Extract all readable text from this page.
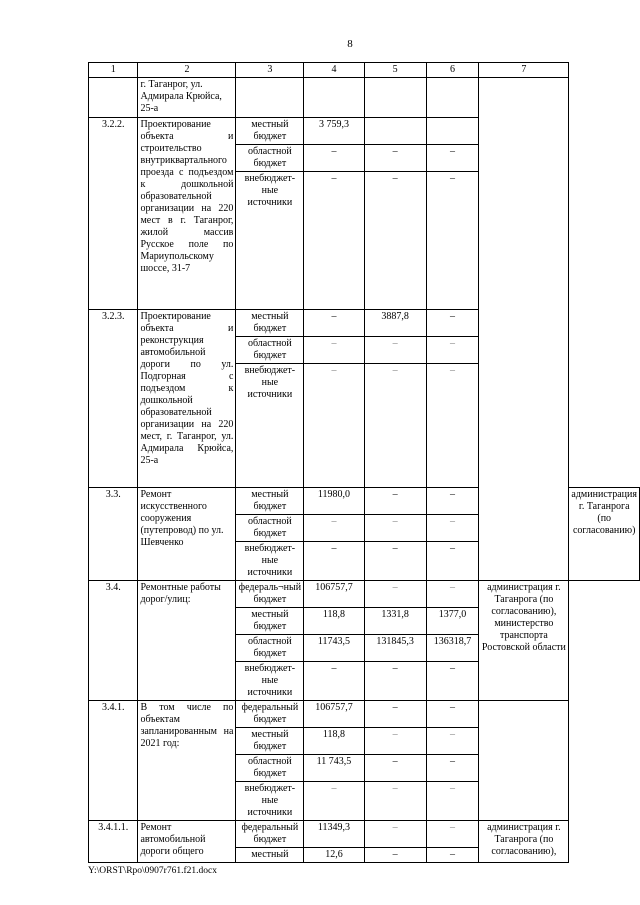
8
1	2	3	4	5	6	7	
	г. Таганрог, ул. Адмирала Крюйса, 25-а						
3.2.2.	Проектирование объекта и строительство внутриквартального проезда с подъездом к дошкольной образовательной организации на 220 мест в г. Таганрог, жилой массив Русское поле по Мариупольскому шоссе, 31-7	местный бюджет	3 759,3				
		областной бюджет	–	–	–		
		внебюджет-ные источники	–	–	–		
3.2.3.	Проектирование объекта и реконструкция автомобильной дороги по ул. Подгорная с подъездом к дошкольной образовательной организации на 220 мест, г. Таганрог, ул. Адмирала Крюйса, 25-а	местный бюджет	–	3887,8	–		
		областной бюджет	–	–	–		
		внебюджет-ные источники	–	–	–		
3.3.	Ремонт искусственного сооружения (путепровод) по ул. Шевченко	местный бюджет	11980,0	–	–		администрация г. Таганрога (по согласованию)
		областной бюджет	–	–	–		
		внебюджет-ные источники	–	–	–		
3.4.	Ремонтные работы дорог/улиц:	федераль¬ный бюджет	106757,7	–	–	администрация г. Таганрога (по согласованию), министерство транспорта Ростовской области	
		местный бюджет	118,8	1331,8	1377,0		
		областной бюджет	11743,5	131845,3	136318,7		
		внебюджет-ные источники	–	–	–		
3.4.1.	В том числе по объектам запланированным на 2021 год:	федеральный бюджет	106757,7	–	–		
		местный бюджет	118,8	–	–		
		областной бюджет	11 743,5	–	–		
		внебюджет-ные источники	–	–	–		
3.4.1.1.	Ремонт автомобильной дороги общего	федеральный бюджет	11349,3	–	–	администрация г. Таганрога (по согласованию),	
		местный	12,6	–	–		
Y:\ORST\Rpo\0907r761.f21.docx
